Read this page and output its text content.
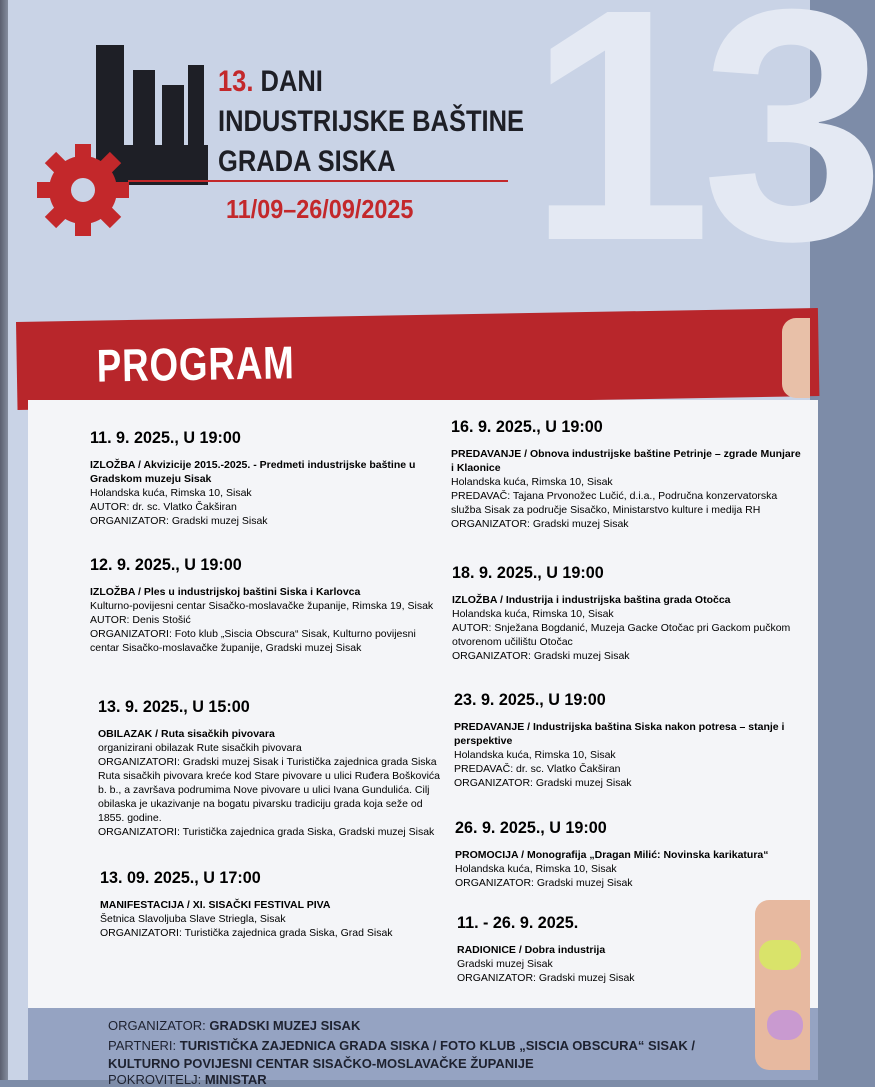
13
13. DANI
INDUSTRIJSKE BAŠTINE
GRADA SISKA
11/09–26/09/2025
PROGRAM
11. 9. 2025., U 19:00
IZLOŽBA / Akvizicije 2015.-2025. - Predmeti industrijske baštine u Gradskom muzeju Sisak
Holandska kuća, Rimska 10, Sisak
AUTOR: dr. sc. Vlatko Čakširan
ORGANIZATOR: Gradski muzej Sisak
12. 9. 2025., U 19:00
IZLOŽBA / Ples u industrijskoj baštini Siska i Karlovca
Kulturno-povijesni centar Sisačko-moslavačke županije, Rimska 19, Sisak
AUTOR: Denis Stošić
ORGANIZATORI: Foto klub „Siscia Obscura“ Sisak, Kulturno povijesni centar Sisačko-moslavačke županije, Gradski muzej Sisak
13. 9. 2025., U 15:00
OBILAZAK / Ruta sisačkih pivovara
organizirani obilazak Rute sisačkih pivovara
ORGANIZATORI: Gradski muzej Sisak i Turistička zajednica grada Siska
Ruta sisačkih pivovara kreće kod Stare pivovare u ulici Ruđera Boškovića b. b., a završava podrumima Nove pivovare u ulici Ivana Gundulića. Cilj obilaska je ukazivanje na bogatu pivarsku tradiciju grada koja seže od 1855. godine.
ORGANIZATORI: Turistička zajednica grada Siska, Gradski muzej Sisak
13. 09. 2025., U 17:00
MANIFESTACIJA / XI. SISAČKI FESTIVAL PIVA
Šetnica Slavoljuba Slave Striegla, Sisak
ORGANIZATORI: Turistička zajednica grada Siska, Grad Sisak
16. 9. 2025., U 19:00
PREDAVANJE / Obnova industrijske baštine Petrinje – zgrade Munjare i Klaonice
Holandska kuća, Rimska 10, Sisak
PREDAVAČ: Tajana Prvonožec Lučić, d.i.a., Područna konzervatorska služba Sisak za područje Sisačko, Ministarstvo kulture i medija RH
ORGANIZATOR: Gradski muzej Sisak
18. 9. 2025., U 19:00
IZLOŽBA / Industrija i industrijska baština grada Otočca
Holandska kuća, Rimska 10, Sisak
AUTOR: Snježana Bogdanić, Muzeja Gacke Otočac pri Gackom pučkom otvorenom učilištu Otočac
ORGANIZATOR: Gradski muzej Sisak
23. 9. 2025., U 19:00
PREDAVANJE / Industrijska baština Siska nakon potresa – stanje i perspektive
Holandska kuća, Rimska 10, Sisak
PREDAVAČ: dr. sc. Vlatko Čakširan
ORGANIZATOR: Gradski muzej Sisak
26. 9. 2025., U 19:00
PROMOCIJA / Monografija „Dragan Milić: Novinska karikatura“
Holandska kuća, Rimska 10, Sisak
ORGANIZATOR: Gradski muzej Sisak
11. - 26. 9. 2025.
RADIONICE / Dobra industrija
Gradski muzej Sisak
ORGANIZATOR: Gradski muzej Sisak
ORGANIZATOR: GRADSKI MUZEJ SISAK
PARTNERI: TURISTIČKA ZAJEDNICA GRADA SISKA / FOTO KLUB „SISCIA OBSCURA“ SISAK /
KULTURNO POVIJESNI CENTAR SISAČKO-MOSLAVAČKE ŽUPANIJE
POKROVITELJ: MINISTAR
